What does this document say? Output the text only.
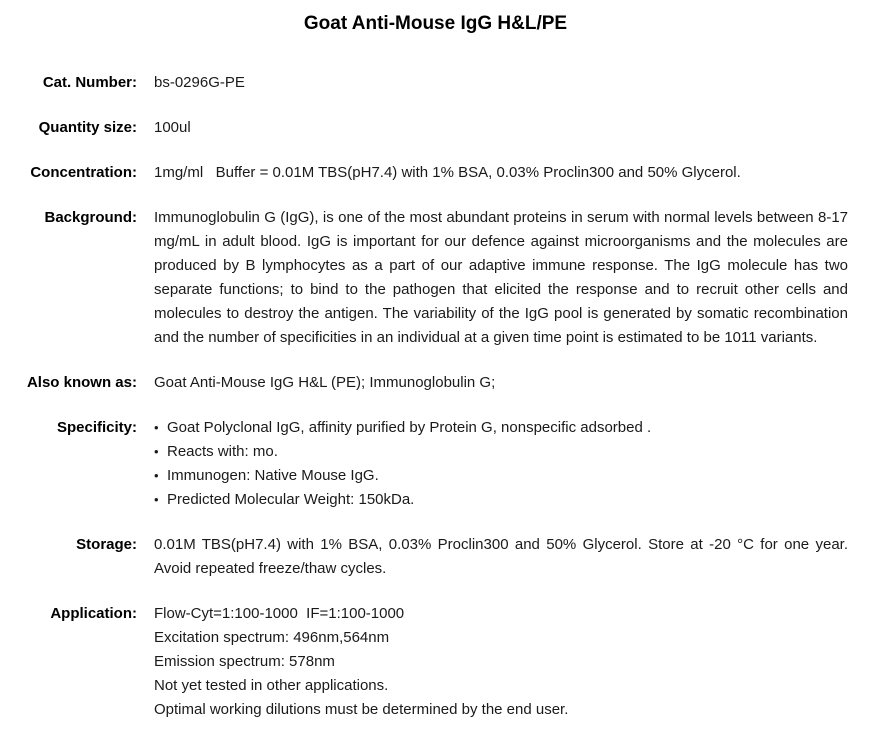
Goat Anti-Mouse IgG H&L/PE
Cat. Number: bs-0296G-PE
Quantity size: 100ul
Concentration: 1mg/ml   Buffer = 0.01M TBS(pH7.4) with 1% BSA, 0.03% Proclin300 and 50% Glycerol.
Background: Immunoglobulin G (IgG), is one of the most abundant proteins in serum with normal levels between 8-17 mg/mL in adult blood. IgG is important for our defence against microorganisms and the molecules are produced by B lymphocytes as a part of our adaptive immune response. The IgG molecule has two separate functions; to bind to the pathogen that elicited the response and to recruit other cells and molecules to destroy the antigen. The variability of the IgG pool is generated by somatic recombination and the number of specificities in an individual at a given time point is estimated to be 1011 variants.
Also known as: Goat Anti-Mouse IgG H&L (PE); Immunoglobulin G;
Specificity: • Goat Polyclonal IgG, affinity purified by Protein G, nonspecific adsorbed .
• Reacts with: mo.
• Immunogen: Native Mouse IgG.
• Predicted Molecular Weight: 150kDa.
Storage: 0.01M TBS(pH7.4) with 1% BSA, 0.03% Proclin300 and 50% Glycerol. Store at -20 °C for one year. Avoid repeated freeze/thaw cycles.
Application: Flow-Cyt=1:100-1000  IF=1:100-1000
Excitation spectrum: 496nm,564nm
Emission spectrum: 578nm
Not yet tested in other applications.
Optimal working dilutions must be determined by the end user.
